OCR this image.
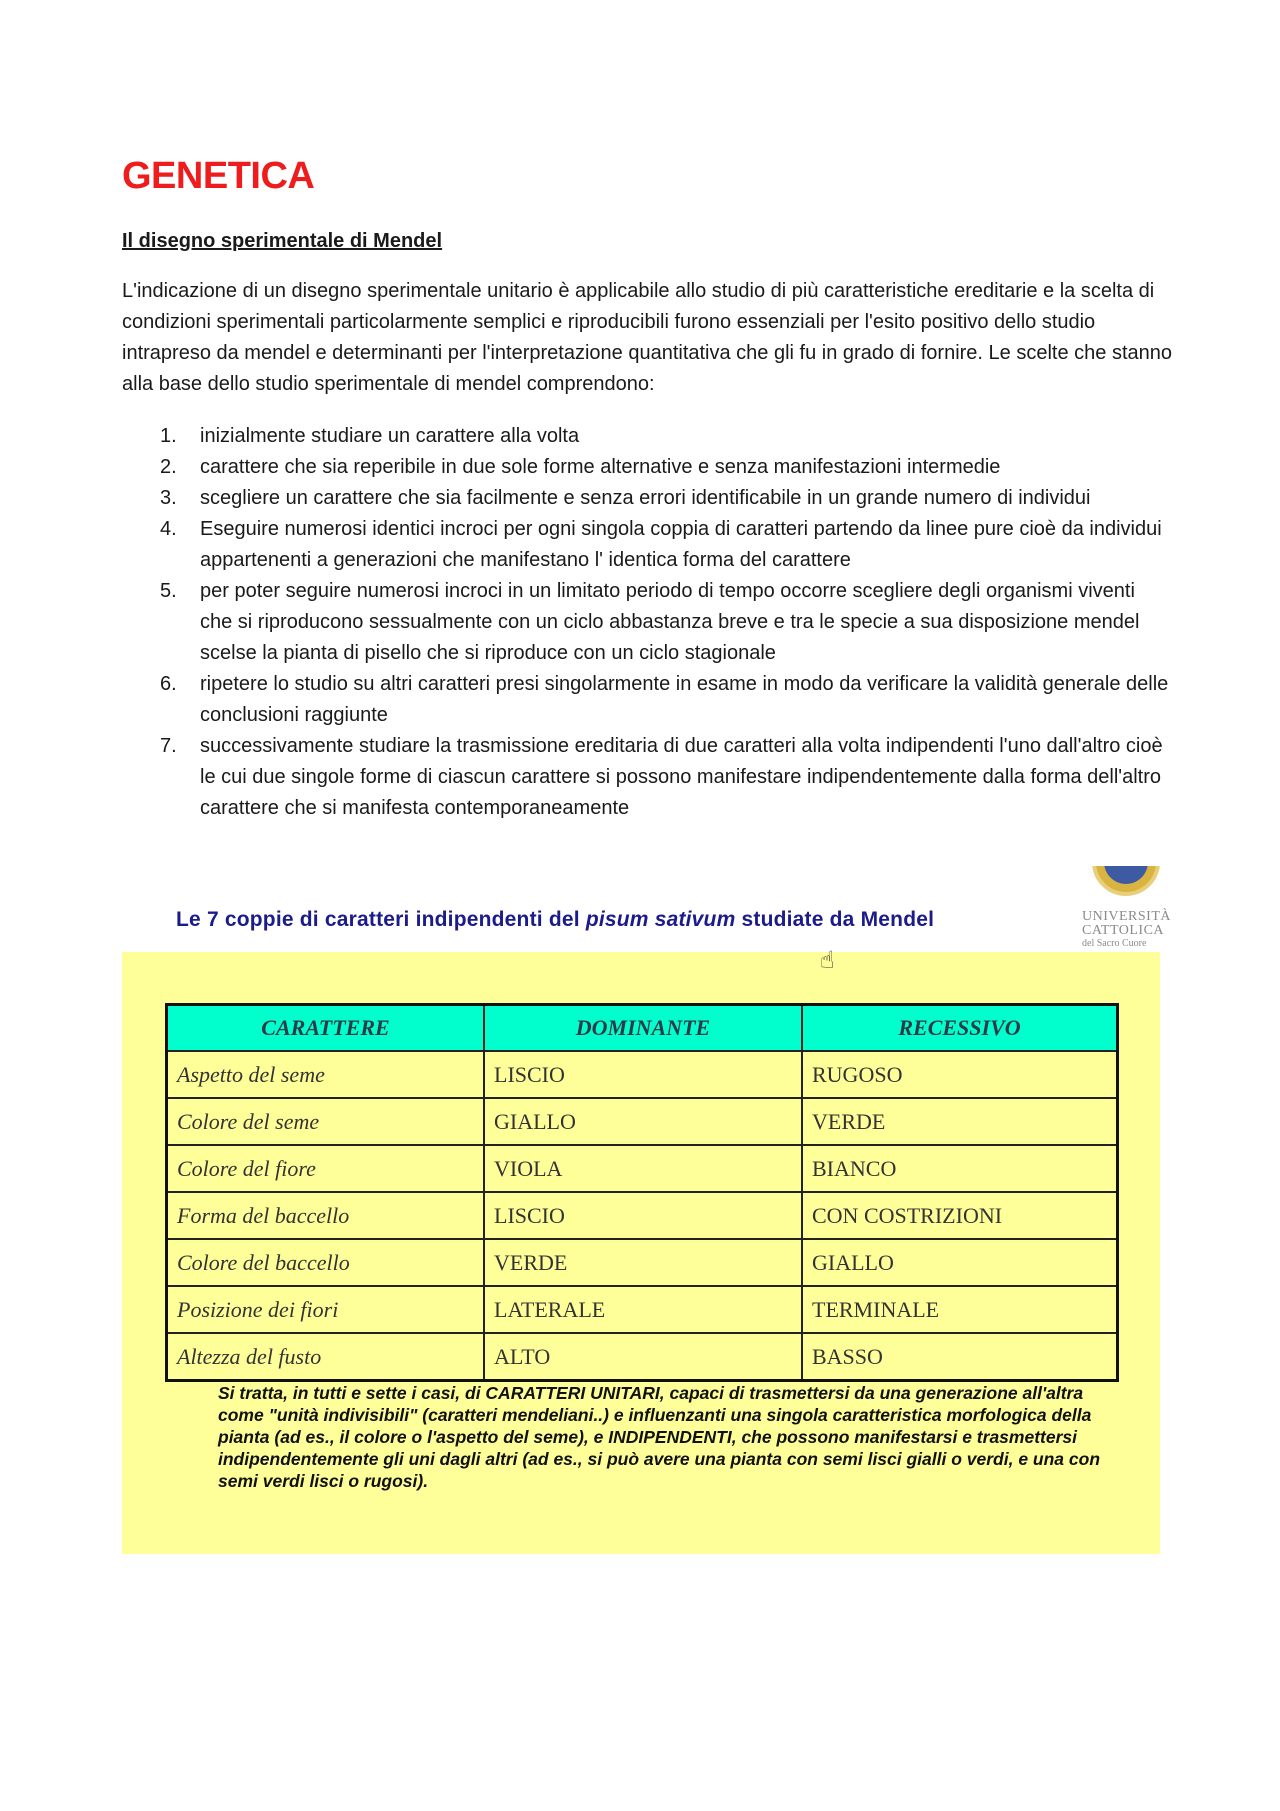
GENETICA
Il disegno sperimentale di Mendel

L'indicazione di un disegno sperimentale unitario è applicabile allo studio di più caratteristiche ereditarie e la scelta di condizioni sperimentali particolarmente semplici e riproducibili furono essenziali per l'esito positivo dello studio intrapreso da mendel e determinanti per l'interpretazione quantitativa che gli fu in grado di fornire. Le scelte che stanno alla base dello studio sperimentale di mendel comprendono:

1.	inizialmente studiare un carattere alla volta
2.	carattere che sia reperibile in due sole forme alternative e senza manifestazioni intermedie
3.	scegliere un carattere che sia facilmente e senza errori identificabile in un grande numero di individui
4.	Eseguire numerosi identici incroci per ogni singola coppia di caratteri partendo da linee pure cioè da individui appartenenti a generazioni che manifestano l' identica forma del carattere
5.	per poter seguire numerosi incroci in un limitato periodo di tempo occorre scegliere degli organismi viventi che si riproducono sessualmente con un ciclo abbastanza breve e tra le specie a sua disposizione mendel scelse la pianta di pisello che si riproduce con un ciclo stagionale
6.	ripetere lo studio su altri caratteri presi singolarmente in esame in modo da verificare la validità generale delle conclusioni raggiunte
7.	successivamente studiare la trasmissione ereditaria di due caratteri alla volta indipendenti l'uno dall'altro cioè le cui due singole forme di ciascun carattere si possono manifestare indipendentemente dalla forma dell'altro carattere che si manifesta contemporaneamente
Le 7 coppie di caratteri indipendenti del pisum sativum studiate da Mendel	UNIVERSITÀ
CATTOLICA
del Sacro Cuore
☝
CARATTERE	DOMINANTE	RECESSIVO
Aspetto del seme	LISCIO	RUGOSO
Colore del seme	GIALLO	VERDE
Colore del fiore	VIOLA	BIANCO
Forma del baccello	LISCIO	CON COSTRIZIONI
Colore del baccello	VERDE	GIALLO
Posizione dei fiori	LATERALE	TERMINALE
Altezza del fusto	ALTO	BASSO

Si tratta, in tutti e sette i casi, di CARATTERI UNITARI, capaci di trasmettersi da una generazione all'altra come "unità indivisibili" (caratteri mendeliani..) e influenzanti una singola caratteristica morfologica della pianta (ad es., il colore o l'aspetto del seme), e INDIPENDENTI, che possono manifestarsi e trasmettersi indipendentemente gli uni dagli altri (ad es., si può avere una pianta con semi lisci gialli o verdi, e una con semi verdi lisci o rugosi).
